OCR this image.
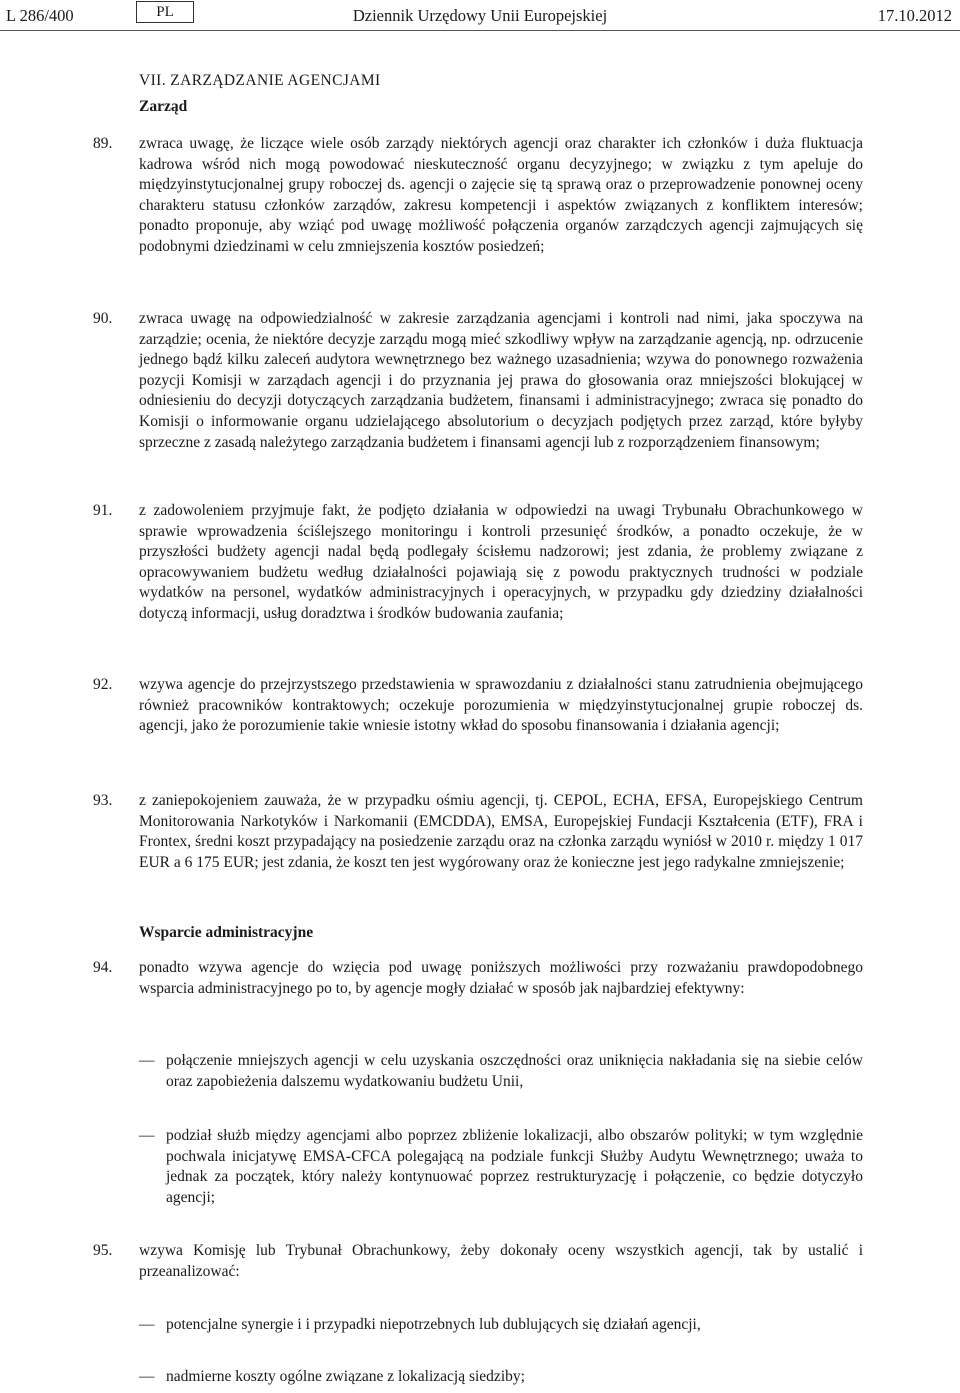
L 286/400	PL	Dziennik Urzędowy Unii Europejskiej	17.10.2012
VII. ZARZĄDZANIE AGENCJAMI
Zarząd
89. zwraca uwagę, że liczące wiele osób zarządy niektórych agencji oraz charakter ich członków i duża fluktuacja kadrowa wśród nich mogą powodować nieskuteczność organu decyzyjnego; w związku z tym apeluje do międzyinstytucjonalnej grupy roboczej ds. agencji o zajęcie się tą sprawą oraz o przeprowadzenie ponownej oceny charakteru statusu członków zarządów, zakresu kompetencji i aspektów związanych z konfliktem interesów; ponadto proponuje, aby wziąć pod uwagę możliwość połączenia organów zarządczych agencji zajmujących się podobnymi dziedzinami w celu zmniejszenia kosztów posiedzeń;
90. zwraca uwagę na odpowiedzialność w zakresie zarządzania agencjami i kontroli nad nimi, jaka spoczywa na zarządzie; ocenia, że niektóre decyzje zarządu mogą mieć szkodliwy wpływ na zarządzanie agencją, np. odrzucenie jednego bądź kilku zaleceń audytora wewnętrznego bez ważnego uzasadnienia; wzywa do ponownego rozważenia pozycji Komisji w zarządach agencji i do przyznania jej prawa do głosowania oraz mniejszości blokującej w odniesieniu do decyzji dotyczących zarządzania budżetem, finansami i administracyjnego; zwraca się ponadto do Komisji o informowanie organu udzielającego absolutorium o decyzjach podjętych przez zarząd, które byłyby sprzeczne z zasadą należytego zarządzania budżetem i finansami agencji lub z rozporządzeniem finansowym;
91. z zadowoleniem przyjmuje fakt, że podjęto działania w odpowiedzi na uwagi Trybunału Obrachunkowego w sprawie wprowadzenia ściślejszego monitoringu i kontroli przesunięć środków, a ponadto oczekuje, że w przyszłości budżety agencji nadal będą podlegały ścisłemu nadzorowi; jest zdania, że problemy związane z opracowywaniem budżetu według działalności pojawiają się z powodu praktycznych trudności w podziale wydatków na personel, wydatków administracyjnych i operacyjnych, w przypadku gdy dziedziny działalności dotyczą informacji, usług doradztwa i środków budowania zaufania;
92. wzywa agencje do przejrzystszego przedstawienia w sprawozdaniu z działalności stanu zatrudnienia obejmującego również pracowników kontraktowych; oczekuje porozumienia w międzyinstytucjonalnej grupie roboczej ds. agencji, jako że porozumienie takie wniesie istotny wkład do sposobu finansowania i działania agencji;
93. z zaniepokojeniem zauważa, że w przypadku ośmiu agencji, tj. CEPOL, ECHA, EFSA, Europejskiego Centrum Monitorowania Narkotyków i Narkomanii (EMCDDA), EMSA, Europejskiej Fundacji Kształcenia (ETF), FRA i Frontex, średni koszt przypadający na posiedzenie zarządu oraz na członka zarządu wyniósł w 2010 r. między 1 017 EUR a 6 175 EUR; jest zdania, że koszt ten jest wygórowany oraz że konieczne jest jego radykalne zmniejszenie;
Wsparcie administracyjne
94. ponadto wzywa agencje do wzięcia pod uwagę poniższych możliwości przy rozważaniu prawdopodobnego wsparcia administracyjnego po to, by agencje mogły działać w sposób jak najbardziej efektywny:
— połączenie mniejszych agencji w celu uzyskania oszczędności oraz uniknięcia nakładania się na siebie celów oraz zapobieżenia dalszemu wydatkowaniu budżetu Unii,
— podział służb między agencjami albo poprzez zbliżenie lokalizacji, albo obszarów polityki; w tym względnie pochwala inicjatywę EMSA-CFCA polegającą na podziale funkcji Służby Audytu Wewnętrznego; uważa to jednak za początek, który należy kontynuować poprzez restrukturyzację i połączenie, co będzie dotyczyło agencji;
95. wzywa Komisję lub Trybunał Obrachunkowy, żeby dokonały oceny wszystkich agencji, tak by ustalić i przeanalizować:
— potencjalne synergie i i przypadki niepotrzebnych lub dublujących się działań agencji,
— nadmierne koszty ogólne związane z lokalizacją siedziby;
